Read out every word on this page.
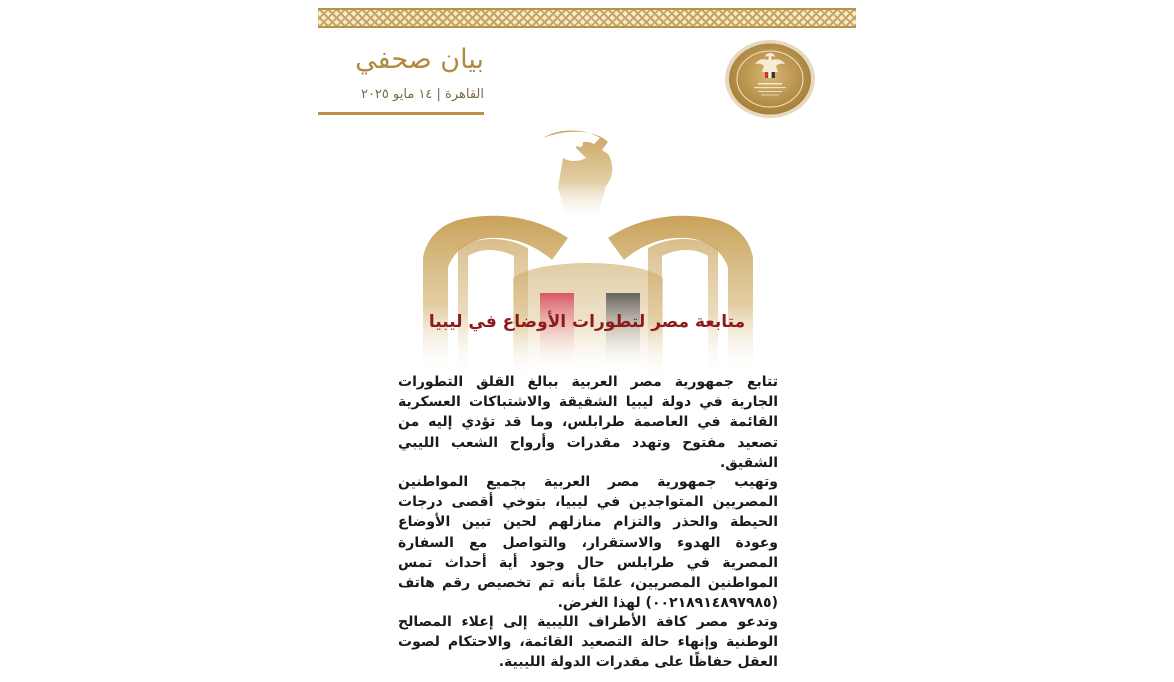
بيان صحفي
القاهرة | ١٤ مايو ٢٠٢٥
متابعة مصر لتطورات الأوضاع في ليبيا
تتابع جمهورية مصر العربية ببالغ القلق التطورات الجارية في دولة ليبيا الشقيقة والاشتباكات العسكرية القائمة في العاصمة طرابلس، وما قد تؤدي إليه من تصعيد مفتوح وتهدد مقدرات وأرواح الشعب الليبي الشقيق.
وتهيب جمهورية مصر العربية بجميع المواطنين المصريين المتواجدين في ليبيا، بتوخي أقصى درجات الحيطة والحذر والتزام منازلهم لحين تبين الأوضاع وعودة الهدوء والاستقرار، والتواصل مع السفارة المصرية في طرابلس حال وجود أية أحداث تمس المواطنين المصريين، علمًا بأنه تم تخصيص رقم هاتف (٠٠٢١٨٩١٤٨٩٧٩٨٥) لهذا الغرض.
وتدعو مصر كافة الأطراف الليبية إلى إعلاء المصالح الوطنية وإنهاء حالة التصعيد القائمة، والاحتكام لصوت العقل حفاظًا على مقدرات الدولة الليبية.
